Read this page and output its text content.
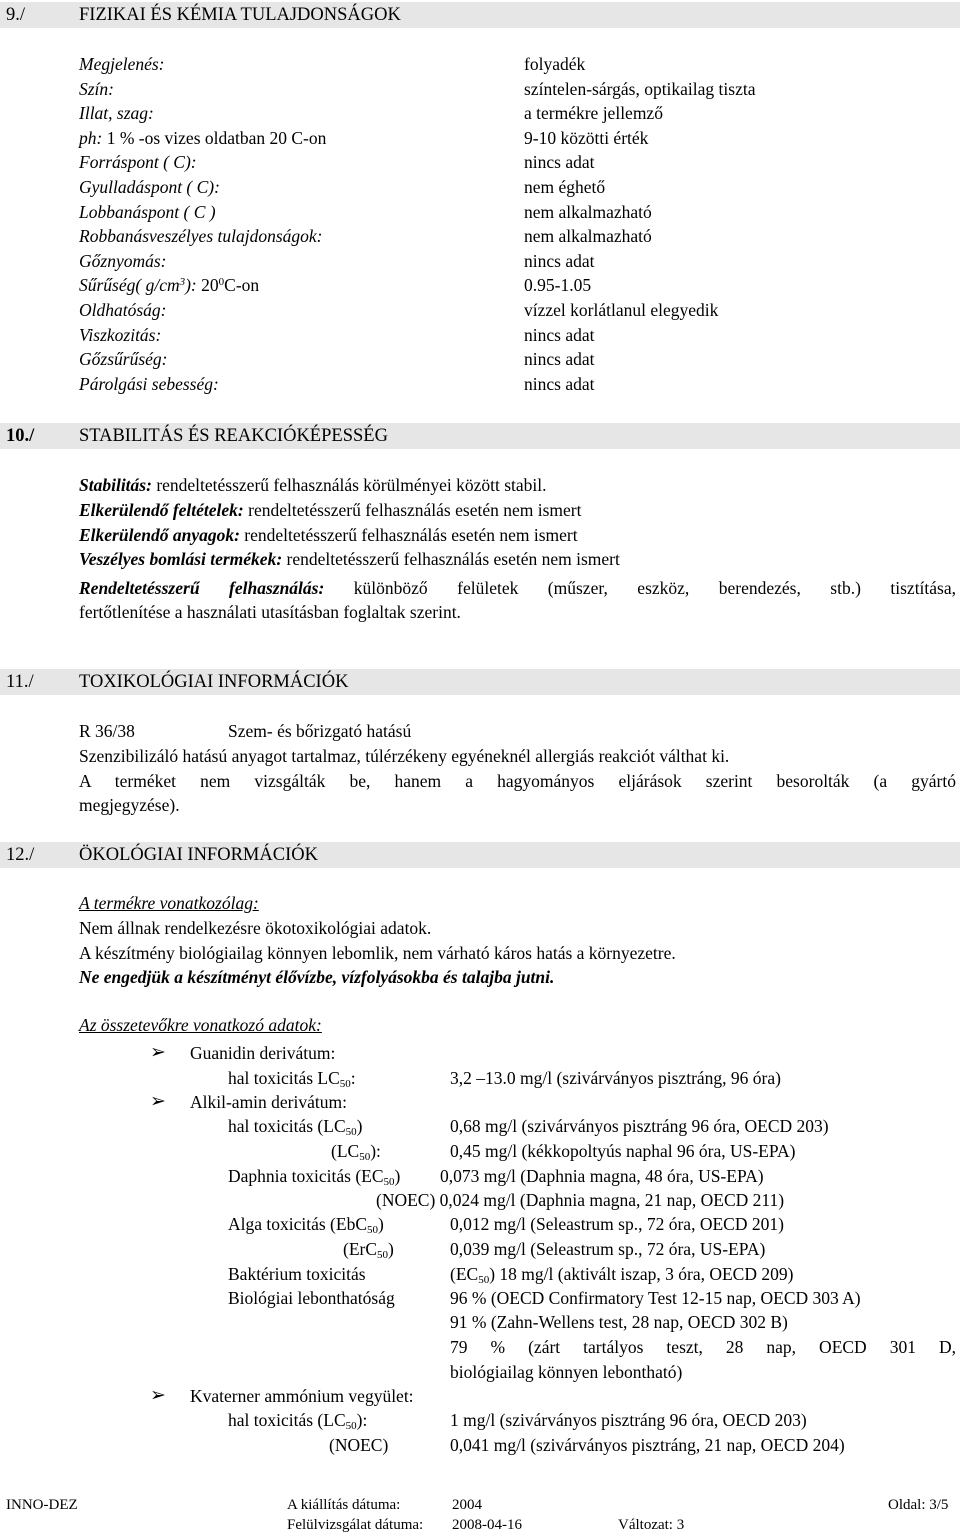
9./	FIZIKAI ÉS KÉMIA TULAJDONSÁGOK
Megjelenés:	folyadék
Szín:	színtelen-sárgás, optikailag tiszta
Illat, szag:	a termékre jellemző
ph: 1 % -os vizes oldatban 20 C-on	9-10 közötti érték
Forráspont ( C):	nincs adat
Gyulladáspont ( C):	nem éghető
Lobbanáspont ( C )	nem alkalmazható
Robbanásveszélyes tulajdonságok:	nem alkalmazható
Gőznyomás:	nincs adat
Sűrűség( $g/cm^3$): $20^0C-on$	0.95-1.05
Oldhatóság:	vízzel korlátlanul elegyedik
Viszkozitás:	nincs adat
Gőzsűrűség:	nincs adat
Párolgási sebesség:	nincs adat
10./ STABILITÁS ÉS REAKCIÓKÉPESSÉG
Stabilitás: rendeltetésszerű felhasználás körülményei között stabil.
Elkerülendő feltételek: rendeltetésszerű felhasználás esetén nem ismert
Elkerülendő anyagok: rendeltetésszerű felhasználás esetén nem ismert
Veszélyes bomlási termékek: rendeltetésszerű felhasználás esetén nem ismert
Rendeltetésszerű felhasználás: különböző felületek (műszer, eszköz, berendezés, stb.) tisztítása,
fertőtlenítése a használati utasításban foglaltak szerint.
11./ TOXIKOLÓGIAI INFORMÁCIÓK
R 36/38	Szem- és bőrizgató hatású
Szenzibilizáló hatású anyagot tartalmaz, túlérzékeny egyéneknél allergiás reakciót válthat ki.
A terméket nem vizsgálták be, hanem a hagyományos eljárások szerint besorolták (a gyártó
megjegyzése).
12./ ÖKOLÓGIAI INFORMÁCIÓK
A termékre vonatkozólag:
Nem állnak rendelkezésre ökotoxikológiai adatok.
A készítmény biológiailag könnyen lebomlik, nem várható káros hatás a környezetre.
Ne engedjük a készítményt élővízbe, vízfolyásokba és talajba jutni.
Az összetevőkre vonatkozó adatok:
➢ Guanidin derivátum:
hal toxicitás $LC_{50}$:	3,2 –13.0 mg/l (szivárványos pisztráng, 96 óra)
➢ Alkil-amin derivátum:
hal toxicitás $(LC_{50})$	0,68 mg/l (szivárványos pisztráng 96 óra, OECD 203)
$(LC_{50})$:	0,45 mg/l (kékkopoltyús naphal 96 óra, US-EPA)
Daphnia toxicitás $(EC_{50})$ 0,073 mg/l (Daphnia magna, 48 óra, US-EPA)
(NOEC) 0,024 mg/l (Daphnia magna, 21 nap, OECD 211)
Alga toxicitás (EbC$_{50}$)	0,012 mg/l (Seleastrum sp., 72 óra, OECD 201)
(ErC$_{50}$)	0,039 mg/l (Seleastrum sp., 72 óra, US-EPA)
Baktérium toxicitás	$(EC_{50})$ 18 mg/l (aktivált iszap, 3 óra, OECD 209)
Biológiai lebonthatóság	96 % (OECD Confirmatory Test 12-15 nap, OECD 303 A)
91 % (Zahn-Wellens test, 28 nap, OECD 302 B)
79 % (zárt tartályos teszt, 28 nap, OECD 301 D,
biológiailag könnyen lebontható)
➢ Kvaterner ammónium vegyület:
hal toxicitás $(LC_{50})$:	1 mg/l (szivárványos pisztráng 96 óra, OECD 203)
(NOEC)	0,041 mg/l (szivárványos pisztráng, 21 nap, OECD 204)
INNO-DEZ	A kiállítás dátuma:	2004	Oldal: 3/5
Felülvizsgálat dátuma: 2008-04-16	Változat: 3
